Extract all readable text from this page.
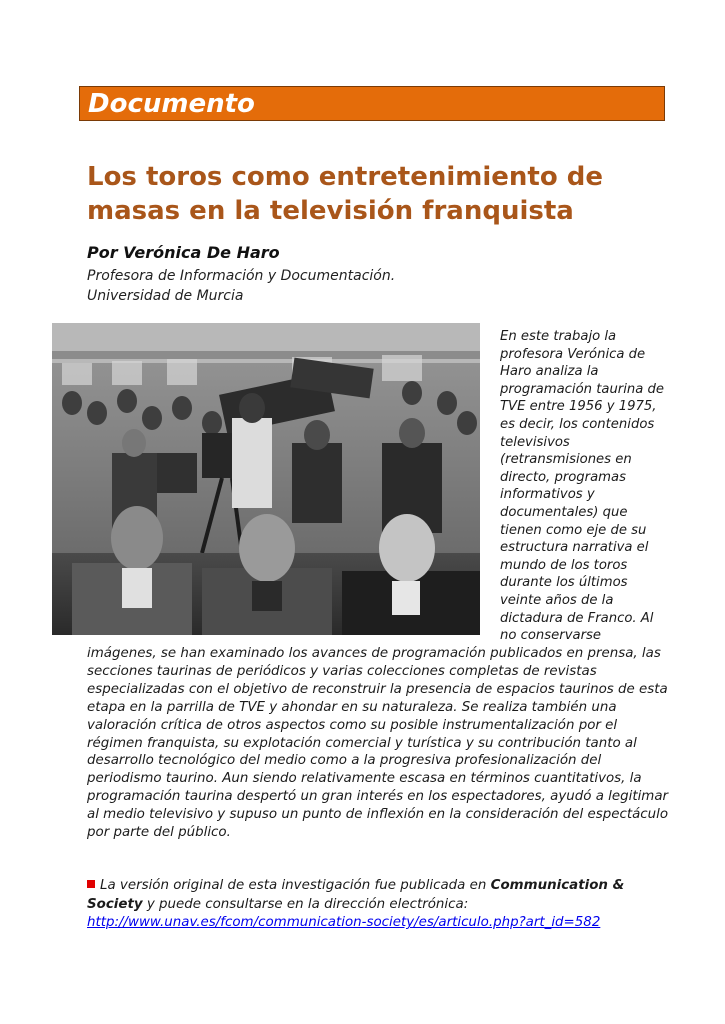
Documento
Los toros como entretenimiento de masas en la televisión franquista
Por Verónica De Haro
Profesora de Información y Documentación.
Universidad de Murcia
En este trabajo la profesora Verónica de Haro analiza la programación taurina de TVE entre 1956 y 1975, es decir, los contenidos televisivos (retransmisiones en directo, programas informativos y documentales) que tienen como eje de su estructura narrativa el mundo de los toros durante los últimos veinte años de la dictadura de Franco. Al no conservarse
imágenes, se han examinado los avances de programación publicados en prensa, las secciones taurinas de periódicos y varias colecciones completas de revistas especializadas con el objetivo de reconstruir la presencia de espacios taurinos de esta etapa en la parrilla de TVE y ahondar en su naturaleza. Se realiza también una valoración crítica de otros aspectos como su posible instrumentalización por el régimen franquista, su explotación comercial y turística y su contribución tanto al desarrollo tecnológico del medio como a la progresiva profesionalización del periodismo taurino. Aun siendo relativamente escasa en términos cuantitativos, la programación taurina despertó un gran interés en los espectadores, ayudó a legitimar al medio televisivo y supuso un punto de inflexión en la consideración del espectáculo por parte del público.
La versión original de esta investigación fue publicada en Communication & Society y puede consultarse en la dirección electrónica:
http://www.unav.es/fcom/communication-society/es/articulo.php?art_id=582
